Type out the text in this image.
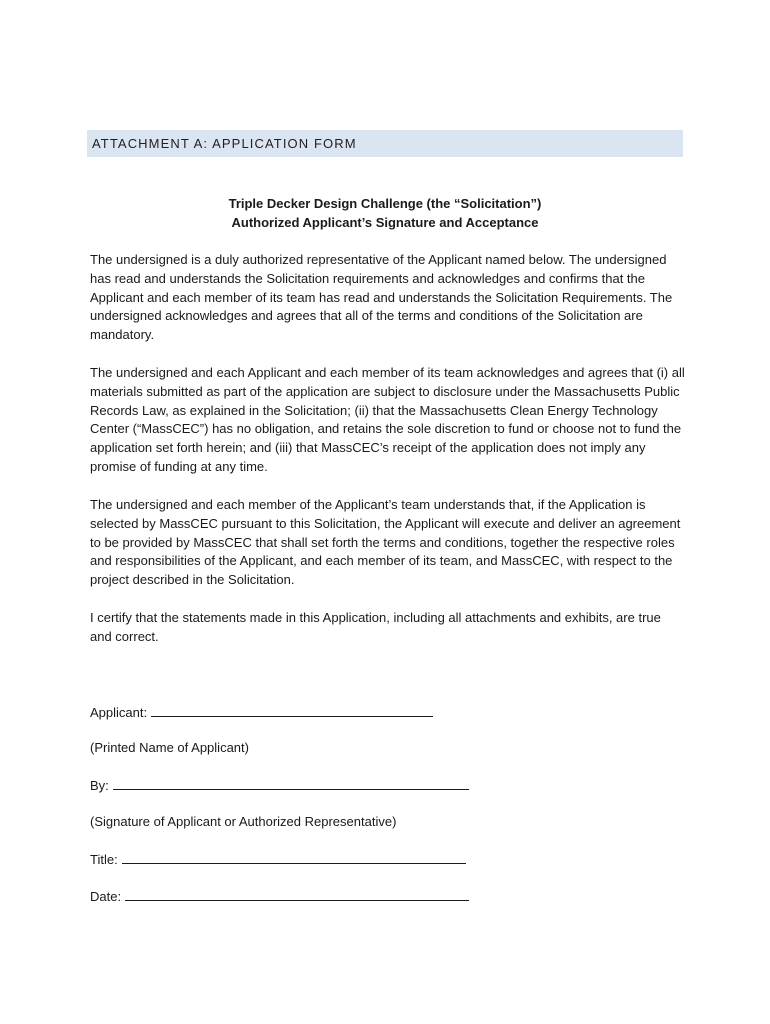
ATTACHMENT A: APPLICATION FORM
Triple Decker Design Challenge (the “Solicitation”)
Authorized Applicant’s Signature and Acceptance

The undersigned is a duly authorized representative of the Applicant named below. The undersigned has read and understands the Solicitation requirements and acknowledges and confirms that the Applicant and each member of its team has read and understands the Solicitation Requirements. The undersigned acknowledges and agrees that all of the terms and conditions of the Solicitation are mandatory.

The undersigned and each Applicant and each member of its team acknowledges and agrees that (i) all materials submitted as part of the application are subject to disclosure under the Massachusetts Public Records Law, as explained in the Solicitation; (ii) that the Massachusetts Clean Energy Technology Center (“MassCEC”) has no obligation, and retains the sole discretion to fund or choose not to fund the application set forth herein; and (iii) that MassCEC’s receipt of the application does not imply any promise of funding at any time.

The undersigned and each member of the Applicant’s team understands that, if the Application is selected by MassCEC pursuant to this Solicitation, the Applicant will execute and deliver an agreement to be provided by MassCEC that shall set forth the terms and conditions, together the respective roles and responsibilities of the Applicant, and each member of its team, and MassCEC, with respect to the project described in the Solicitation.

I certify that the statements made in this Application, including all attachments and exhibits, are true and correct.

Applicant:
(Printed Name of Applicant)
By:
(Signature of Applicant or Authorized Representative)
Title:
Date:
